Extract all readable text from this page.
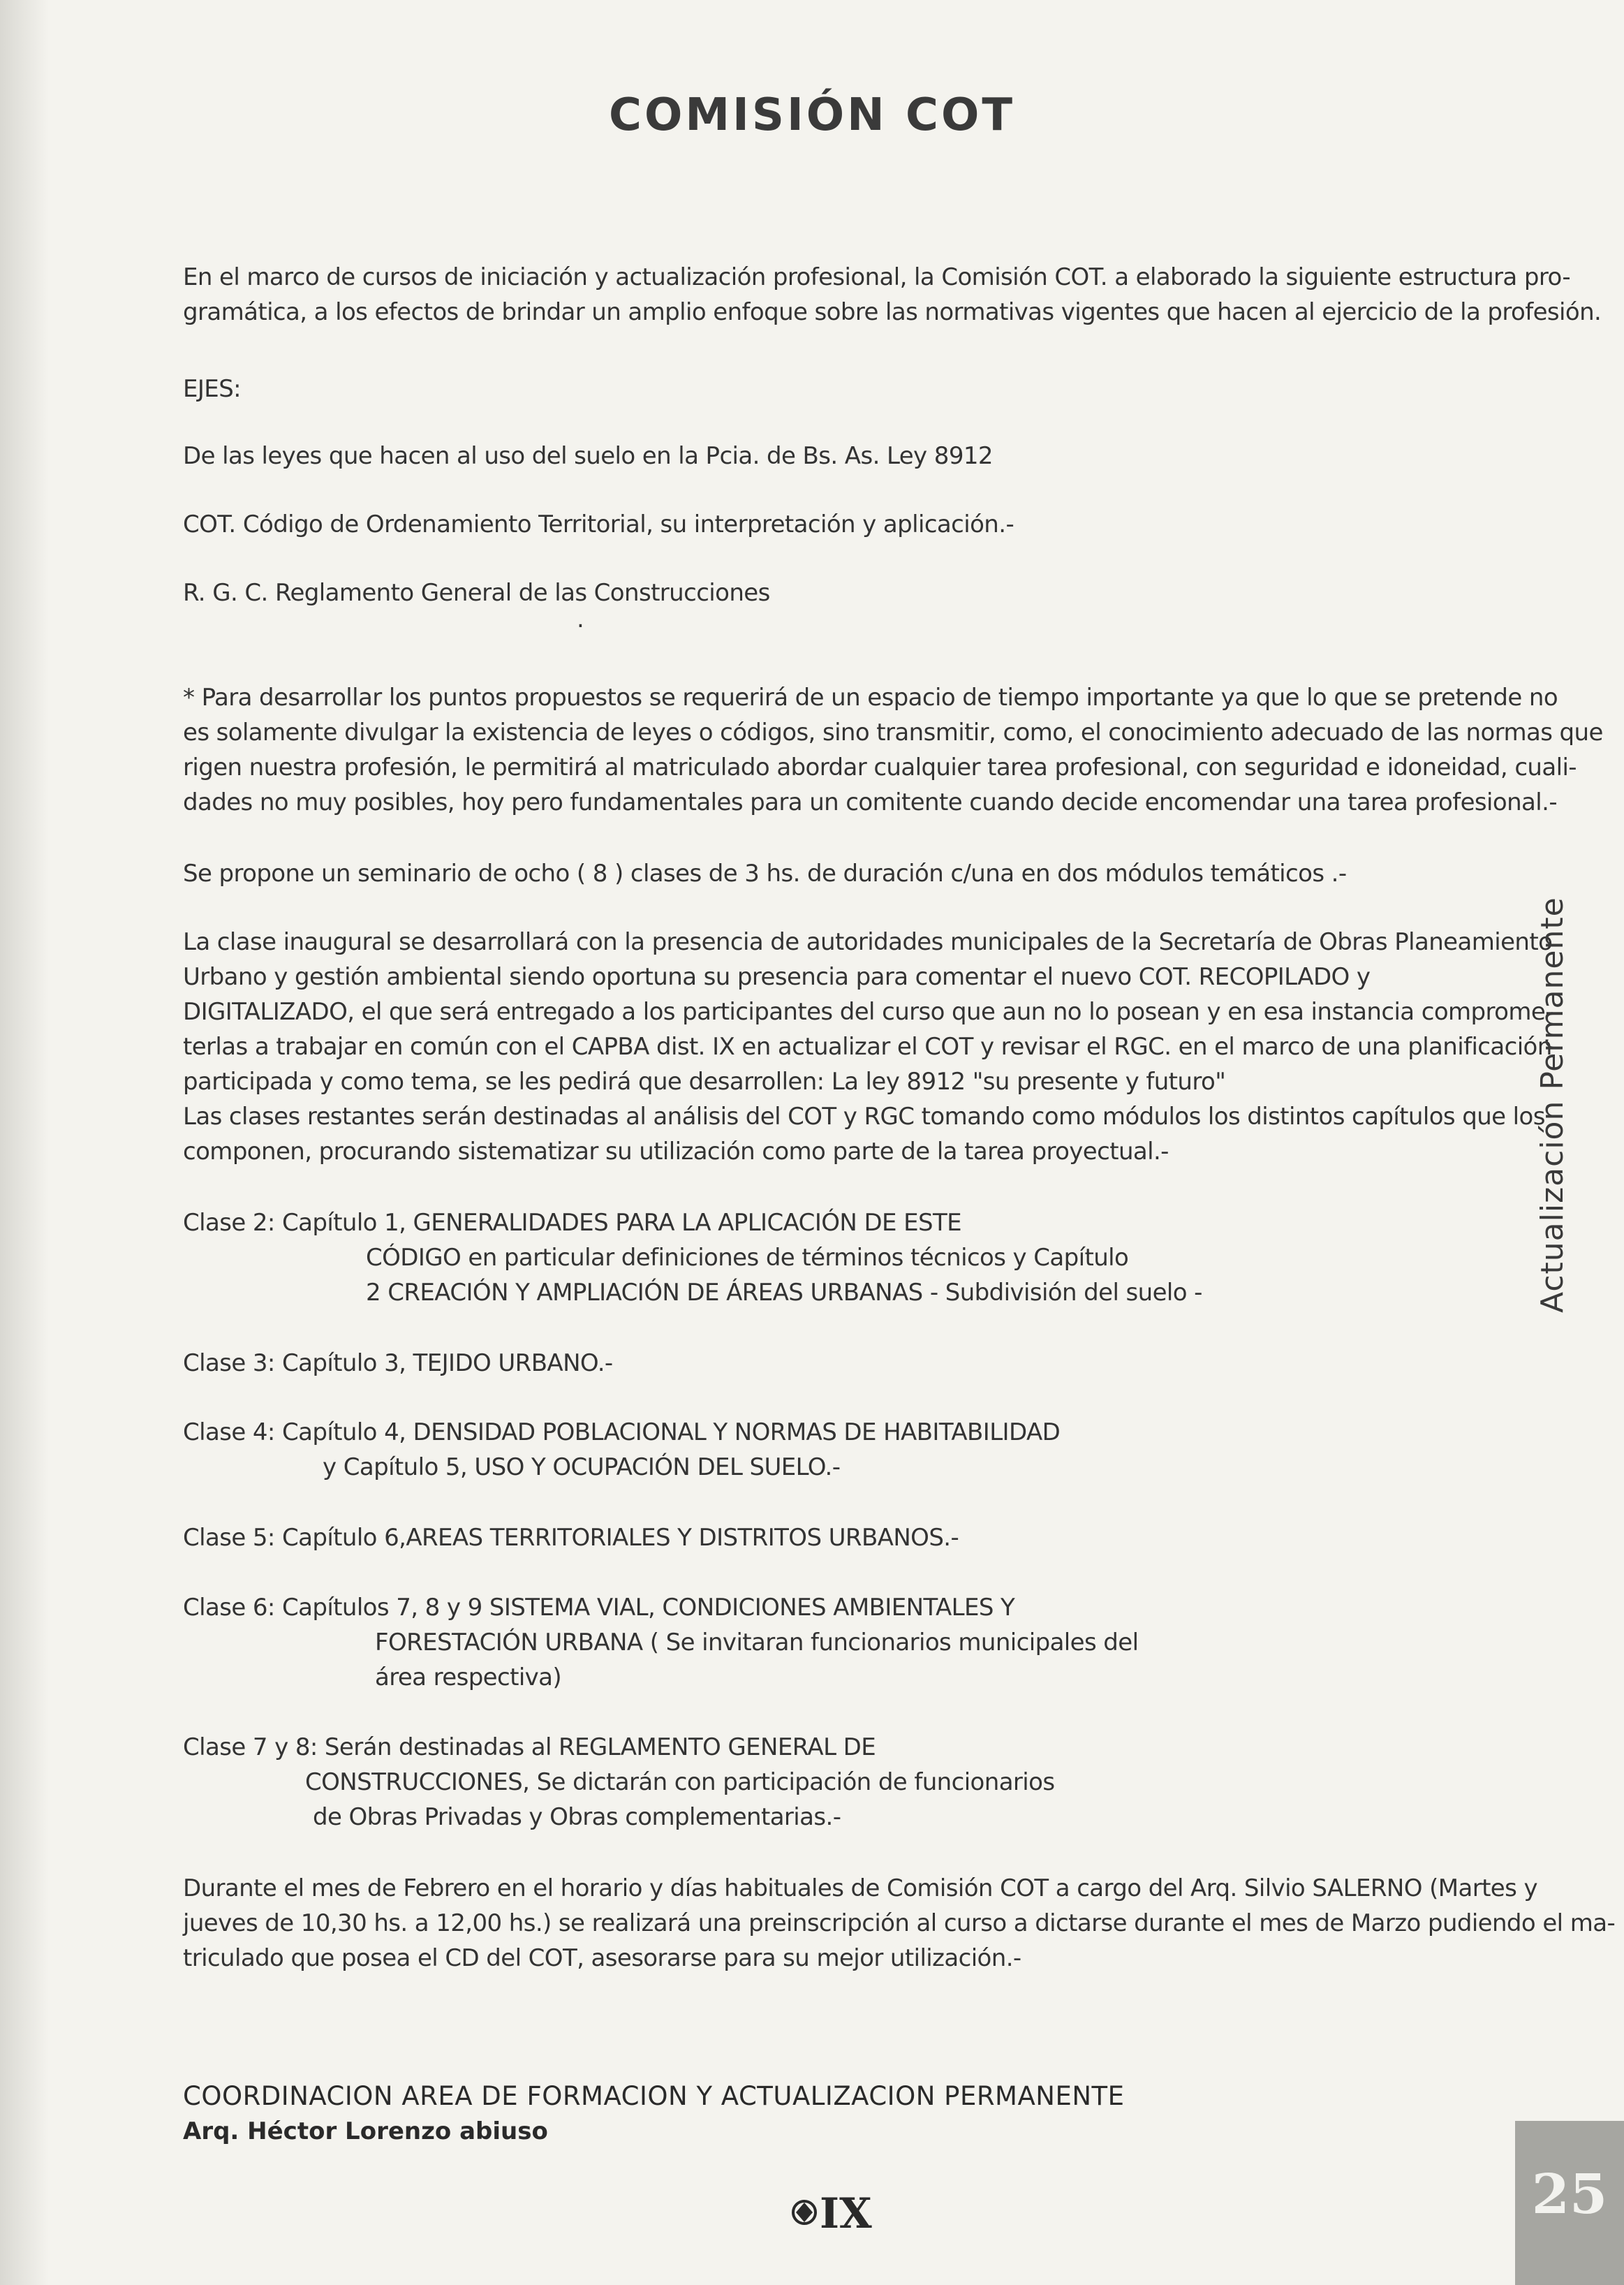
COMISIÓN COT
En el marco de cursos de iniciación y actualización profesional, la Comisión COT. a elaborado la siguiente estructura pro-
gramática, a los efectos de brindar un amplio enfoque sobre las normativas vigentes que hacen al ejercicio de la profesión.
EJES:
De las leyes que hacen al uso del suelo en la Pcia. de Bs. As. Ley 8912
COT. Código de Ordenamiento Territorial, su interpretación y aplicación.-
R. G. C. Reglamento General de las Construcciones
.
* Para desarrollar los puntos propuestos se requerirá de un espacio de tiempo importante ya que lo que se pretende no
es solamente divulgar la existencia de leyes o códigos, sino transmitir, como, el conocimiento adecuado de las normas que
rigen nuestra profesión, le permitirá al matriculado abordar cualquier tarea profesional, con seguridad e idoneidad, cuali-
dades no muy posibles, hoy pero fundamentales para un comitente cuando decide encomendar una tarea profesional.-
Se propone un seminario de ocho ( 8 ) clases de 3 hs. de duración c/una en dos módulos temáticos .-
La clase inaugural se desarrollará con la presencia de autoridades municipales de la Secretaría de Obras Planeamiento
Urbano y gestión ambiental siendo oportuna su presencia para comentar el nuevo COT. RECOPILADO y
DIGITALIZADO, el que será entregado a los participantes del curso que aun no lo posean y en esa instancia comprome-
terlas a trabajar en común con el CAPBA dist. IX en actualizar el COT y revisar el RGC. en el marco de una planificación
participada y como tema, se les pedirá que desarrollen: La ley 8912 "su presente y futuro"
Las clases restantes serán destinadas al análisis del COT y RGC tomando como módulos los distintos capítulos que los
componen, procurando sistematizar su utilización como parte de la tarea proyectual.-
Clase 2: Capítulo 1, GENERALIDADES PARA LA APLICACIÓN DE ESTE
CÓDIGO en particular definiciones de términos técnicos y Capítulo
2 CREACIÓN Y AMPLIACIÓN DE ÁREAS URBANAS - Subdivisión del suelo -
Clase 3: Capítulo 3, TEJIDO URBANO.-
Clase 4: Capítulo 4, DENSIDAD POBLACIONAL Y NORMAS DE HABITABILIDAD
y Capítulo 5, USO Y OCUPACIÓN DEL SUELO.-
Clase 5: Capítulo 6,AREAS TERRITORIALES Y DISTRITOS URBANOS.-
Clase 6: Capítulos 7, 8 y 9 SISTEMA VIAL, CONDICIONES AMBIENTALES Y
FORESTACIÓN URBANA ( Se invitaran funcionarios municipales del
área respectiva)
Clase 7 y 8: Serán destinadas al REGLAMENTO GENERAL DE
CONSTRUCCIONES, Se dictarán con participación de funcionarios
de Obras Privadas y Obras complementarias.-
Durante el mes de Febrero en el horario y días habituales de Comisión COT a cargo del Arq. Silvio SALERNO (Martes y
jueves de 10,30 hs. a 12,00 hs.) se realizará una preinscripción al curso a dictarse durante el mes de Marzo pudiendo el ma-
triculado que posea el CD del COT, asesorarse para su mejor utilización.-
COORDINACION AREA DE FORMACION Y ACTUALIZACION PERMANENTE
Arq. Héctor Lorenzo abiuso
Actualización Permanente
25
IX
